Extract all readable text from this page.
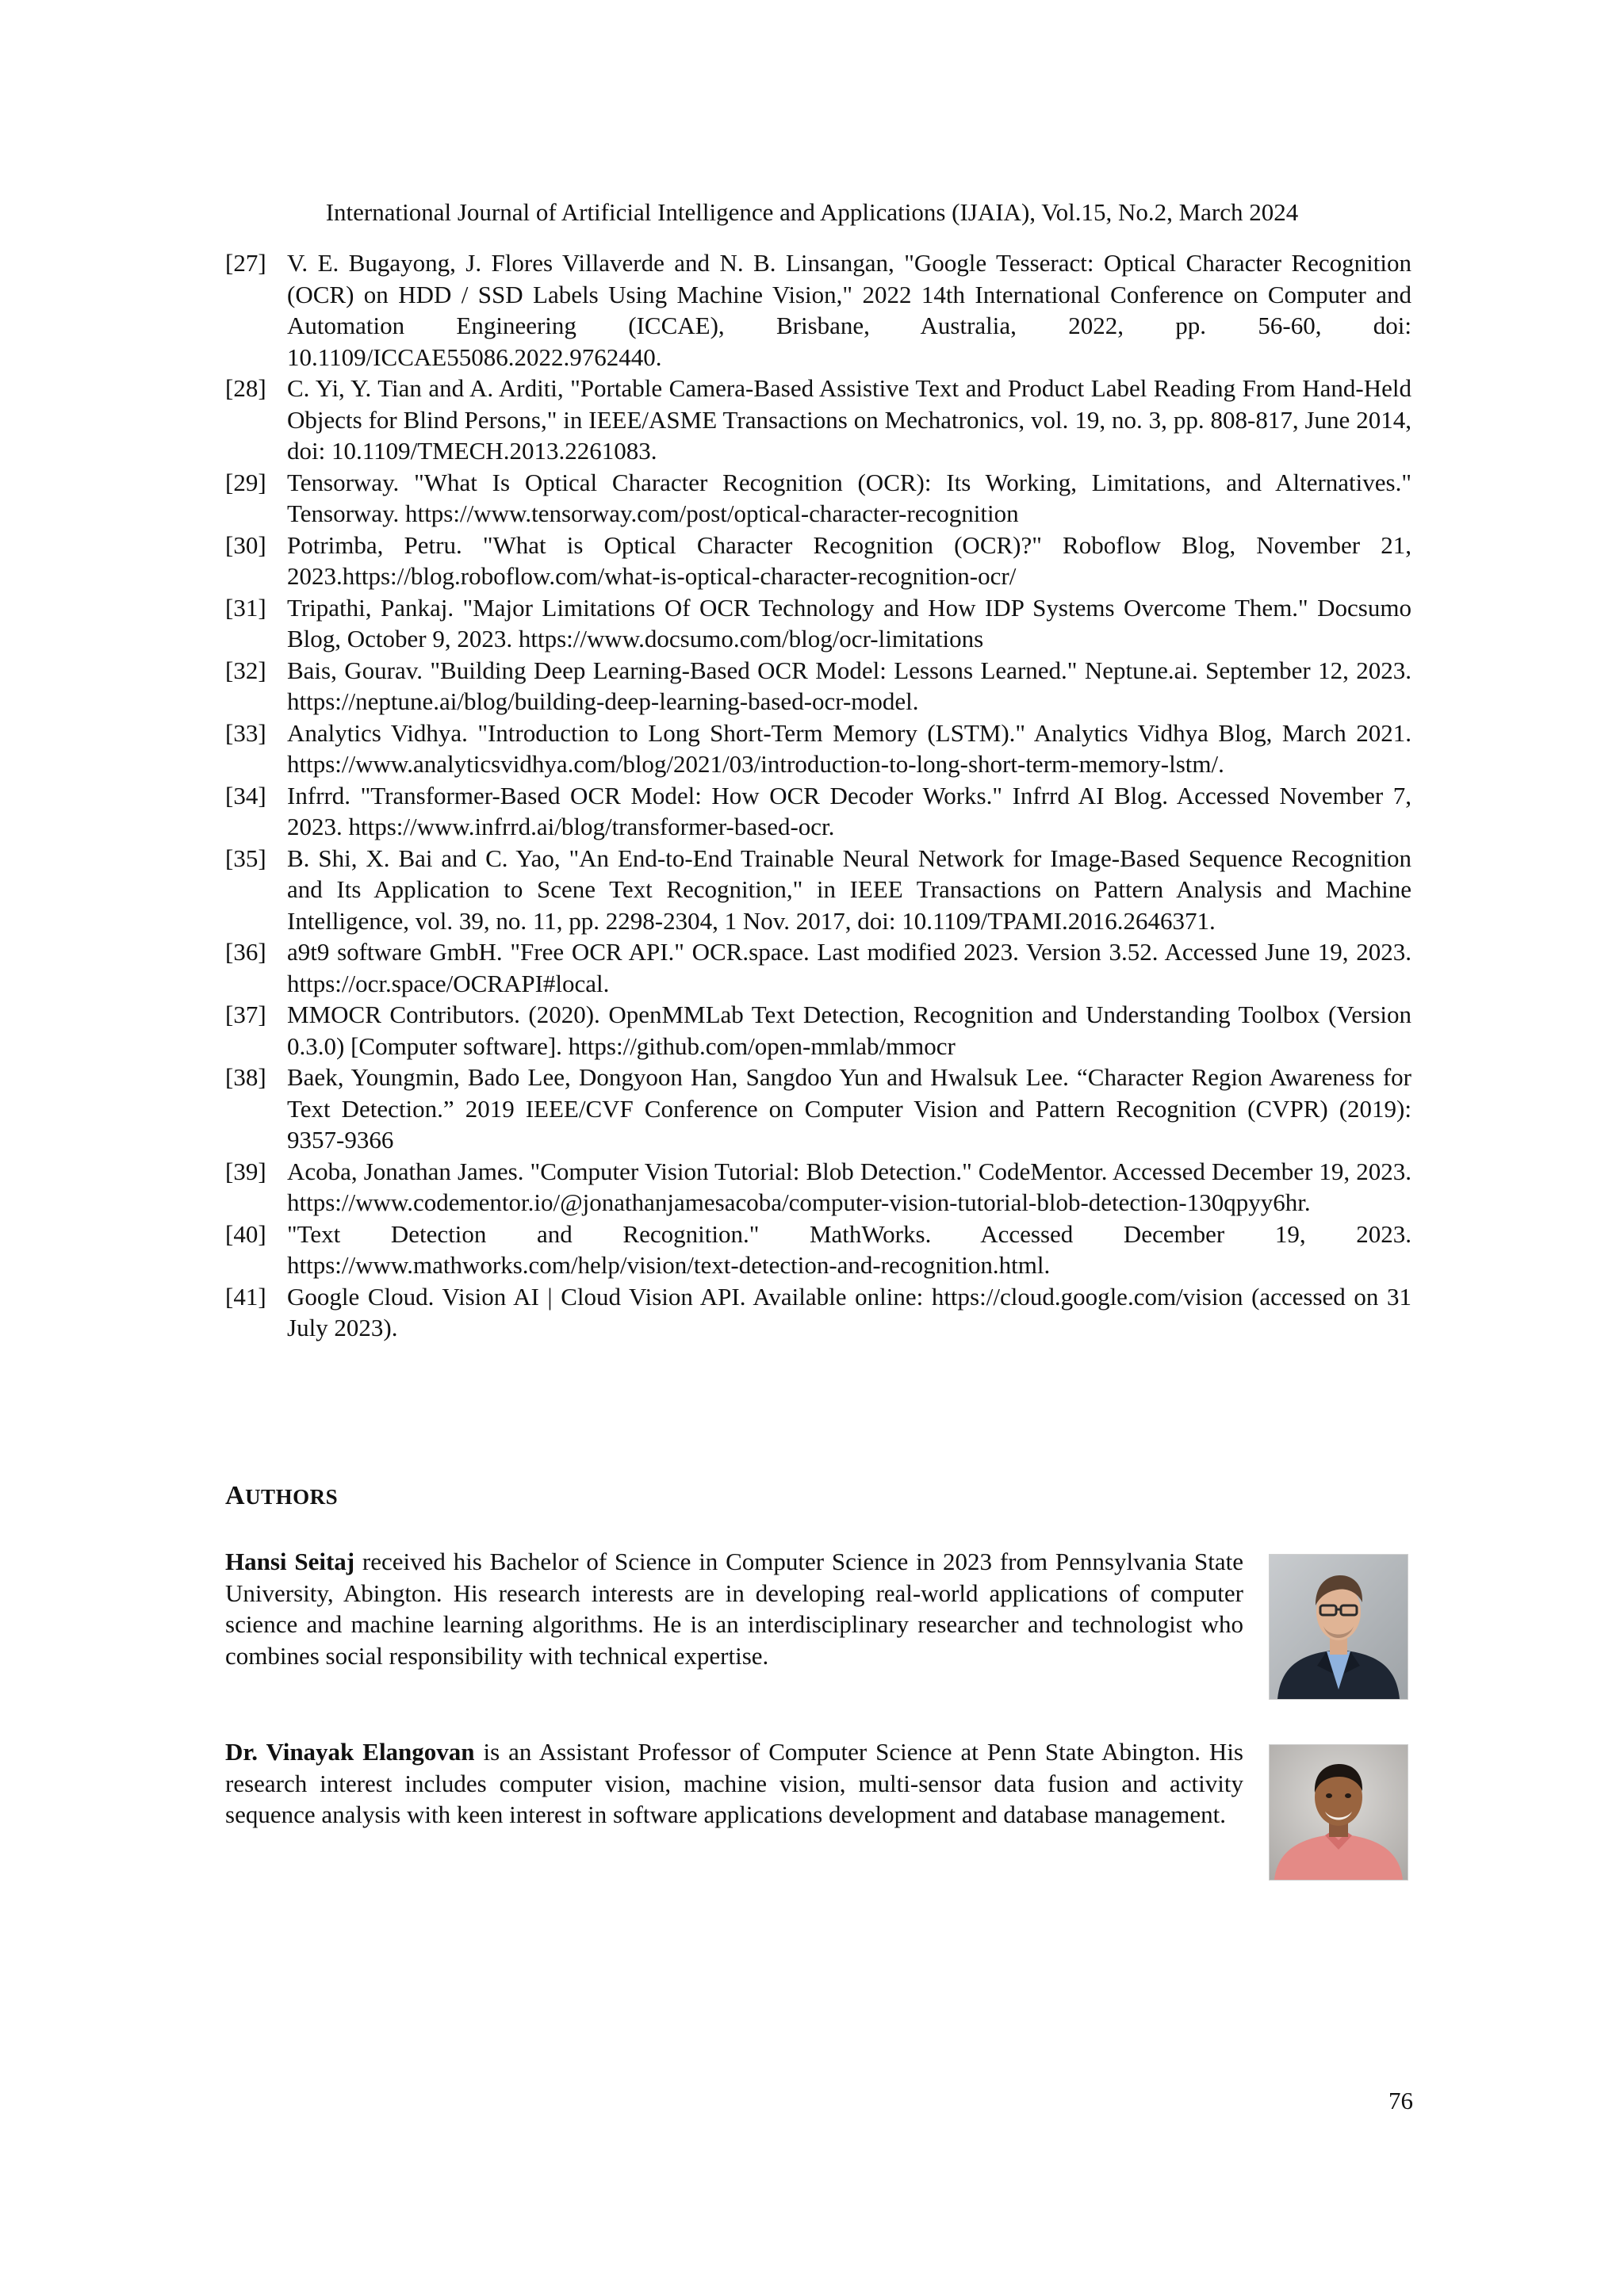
International Journal of Artificial Intelligence and Applications (IJAIA), Vol.15, No.2, March 2024
[27] V. E. Bugayong, J. Flores Villaverde and N. B. Linsangan, "Google Tesseract: Optical Character Recognition (OCR) on HDD / SSD Labels Using Machine Vision," 2022 14th International Conference on Computer and Automation Engineering (ICCAE), Brisbane, Australia, 2022, pp. 56-60, doi: 10.1109/ICCAE55086.2022.9762440.
[28] C. Yi, Y. Tian and A. Arditi, "Portable Camera-Based Assistive Text and Product Label Reading From Hand-Held Objects for Blind Persons," in IEEE/ASME Transactions on Mechatronics, vol. 19, no. 3, pp. 808-817, June 2014, doi: 10.1109/TMECH.2013.2261083.
[29] Tensorway. "What Is Optical Character Recognition (OCR): Its Working, Limitations, and Alternatives." Tensorway. https://www.tensorway.com/post/optical-character-recognition
[30] Potrimba, Petru. "What is Optical Character Recognition (OCR)?" Roboflow Blog, November 21, 2023.https://blog.roboflow.com/what-is-optical-character-recognition-ocr/
[31] Tripathi, Pankaj. "Major Limitations Of OCR Technology and How IDP Systems Overcome Them." Docsumo Blog, October 9, 2023. https://www.docsumo.com/blog/ocr-limitations
[32] Bais, Gourav. "Building Deep Learning-Based OCR Model: Lessons Learned." Neptune.ai. September 12, 2023. https://neptune.ai/blog/building-deep-learning-based-ocr-model.
[33] Analytics Vidhya. "Introduction to Long Short-Term Memory (LSTM)." Analytics Vidhya Blog, March 2021. https://www.analyticsvidhya.com/blog/2021/03/introduction-to-long-short-term-memory-lstm/.
[34] Infrrd. "Transformer-Based OCR Model: How OCR Decoder Works." Infrrd AI Blog. Accessed November 7, 2023. https://www.infrrd.ai/blog/transformer-based-ocr.
[35] B. Shi, X. Bai and C. Yao, "An End-to-End Trainable Neural Network for Image-Based Sequence Recognition and Its Application to Scene Text Recognition," in IEEE Transactions on Pattern Analysis and Machine Intelligence, vol. 39, no. 11, pp. 2298-2304, 1 Nov. 2017, doi: 10.1109/TPAMI.2016.2646371.
[36] a9t9 software GmbH. "Free OCR API." OCR.space. Last modified 2023. Version 3.52. Accessed June 19, 2023. https://ocr.space/OCRAPI#local.
[37] MMOCR Contributors. (2020). OpenMMLab Text Detection, Recognition and Understanding Toolbox (Version 0.3.0) [Computer software]. https://github.com/open-mmlab/mmocr
[38] Baek, Youngmin, Bado Lee, Dongyoon Han, Sangdoo Yun and Hwalsuk Lee. “Character Region Awareness for Text Detection.” 2019 IEEE/CVF Conference on Computer Vision and Pattern Recognition (CVPR) (2019): 9357-9366
[39] Acoba, Jonathan James. "Computer Vision Tutorial: Blob Detection." CodeMentor. Accessed December 19, 2023. https://www.codementor.io/@jonathanjamesacoba/computer-vision-tutorial-blob-detection-130qpyy6hr.
[40] "Text Detection and Recognition." MathWorks. Accessed December 19, 2023. https://www.mathworks.com/help/vision/text-detection-and-recognition.html.
[41] Google Cloud. Vision AI | Cloud Vision API. Available online: https://cloud.google.com/vision (accessed on 31 July 2023).
AUTHORS

Hansi Seitaj received his Bachelor of Science in Computer Science in 2023 from Pennsylvania State University, Abington. His research interests are in developing real-world applications of computer science and machine learning algorithms. He is an interdisciplinary researcher and technologist who combines social responsibility with technical expertise.

Dr. Vinayak Elangovan is an Assistant Professor of Computer Science at Penn State Abington. His research interest includes computer vision, machine vision, multi-sensor data fusion and activity sequence analysis with keen interest in software applications development and database management.

76
